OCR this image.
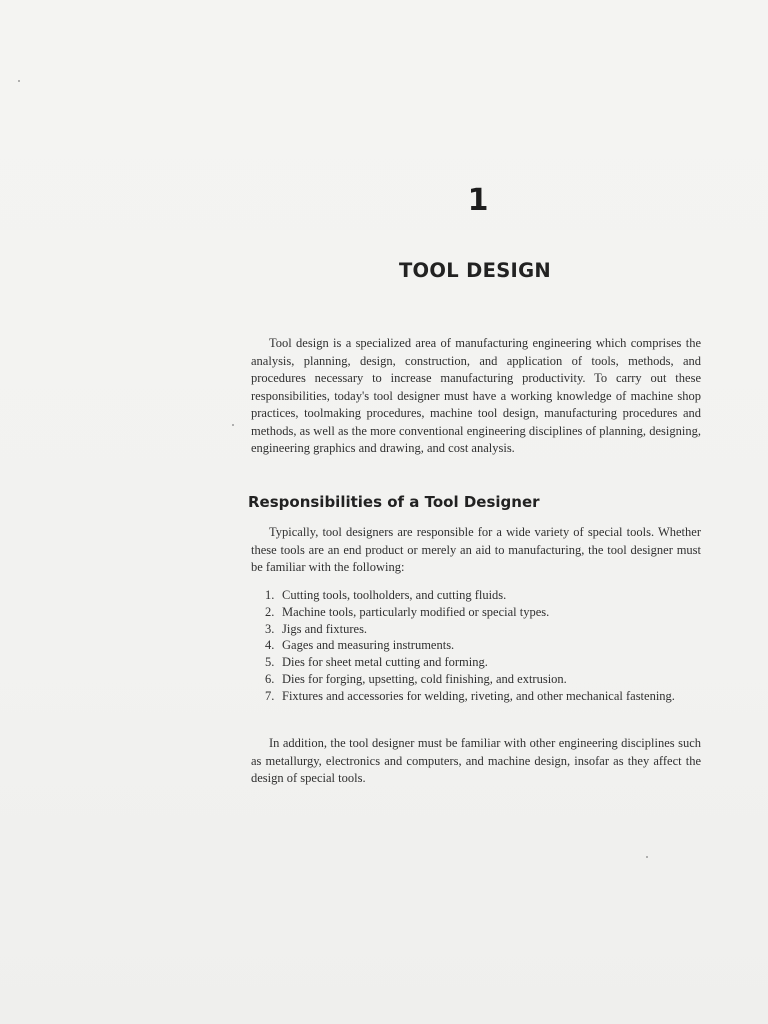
1
TOOL DESIGN

Tool design is a specialized area of manufacturing engineering which comprises the analysis, planning, design, construction, and application of tools, methods, and procedures necessary to increase manufacturing productivity. To carry out these responsibilities, today's tool designer must have a working knowledge of machine shop practices, toolmaking procedures, machine tool design, manufacturing procedures and methods, as well as the more conventional engineering disciplines of planning, designing, engineering graphics and drawing, and cost analysis.

Responsibilities of a Tool Designer

Typically, tool designers are responsible for a wide variety of special tools. Whether these tools are an end product or merely an aid to manufacturing, the tool designer must be familiar with the following:

1. Cutting tools, toolholders, and cutting fluids.
2. Machine tools, particularly modified or special types.
3. Jigs and fixtures.
4. Gages and measuring instruments.
5. Dies for sheet metal cutting and forming.
6. Dies for forging, upsetting, cold finishing, and extrusion.
7. Fixtures and accessories for welding, riveting, and other mechanical fastening.

In addition, the tool designer must be familiar with other engineering disciplines such as metallurgy, electronics and computers, and machine design, insofar as they affect the design of special tools.
